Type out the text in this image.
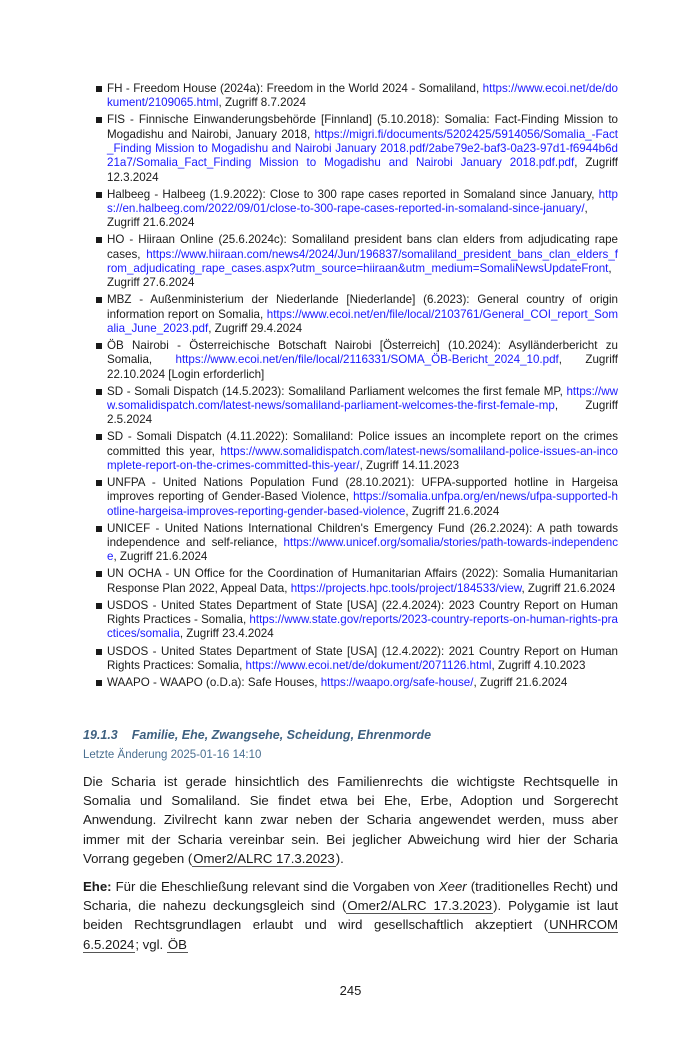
FH - Freedom House (2024a): Freedom in the World 2024 - Somaliland, https://www.ecoi.net/de/dokument/2109065.html, Zugriff 8.7.2024
FIS - Finnische Einwanderungsbehörde [Finnland] (5.10.2018): Somalia: Fact-Finding Mission to Mogadishu and Nairobi, January 2018, https://migri.fi/documents/5202425/5914056/Somalia_-Fact_Finding Mission to Mogadishu and Nairobi January 2018.pdf/2abe79e2-baf3-0a23-97d1-f6944b6d21a7/Somalia_Fact_Finding Mission to Mogadishu and Nairobi January 2018.pdf.pdf, Zugriff 12.3.2024
Halbeeg - Halbeeg (1.9.2022): Close to 300 rape cases reported in Somaland since January, https://en.halbeeg.com/2022/09/01/close-to-300-rape-cases-reported-in-somaland-since-january/, Zugriff 21.6.2024
HO - Hiiraan Online (25.6.2024c): Somaliland president bans clan elders from adjudicating rape cases, https://www.hiiraan.com/news4/2024/Jun/196837/somaliland_president_bans_clan_elders_from_adjudicating_rape_cases.aspx?utm_source=hiiraan&utm_medium=SomaliNewsUpdateFront, Zugriff 27.6.2024
MBZ - Außenministerium der Niederlande [Niederlande] (6.2023): General country of origin information report on Somalia, https://www.ecoi.net/en/file/local/2103761/General_COI_report_Somalia_June_2023.pdf, Zugriff 29.4.2024
ÖB Nairobi - Österreichische Botschaft Nairobi [Österreich] (10.2024): Asylländerbericht zu Somalia, https://www.ecoi.net/en/file/local/2116331/SOMA_ÖB-Bericht_2024_10.pdf, Zugriff 22.10.2024 [Login erforderlich]
SD - Somali Dispatch (14.5.2023): Somaliland Parliament welcomes the first female MP, https://www.somalidispatch.com/latest-news/somaliland-parliament-welcomes-the-first-female-mp, Zugriff 2.5.2024
SD - Somali Dispatch (4.11.2022): Somaliland: Police issues an incomplete report on the crimes committed this year, https://www.somalidispatch.com/latest-news/somaliland-police-issues-an-incomplete-report-on-the-crimes-committed-this-year/, Zugriff 14.11.2023
UNFPA - United Nations Population Fund (28.10.2021): UFPA-supported hotline in Hargeisa improves reporting of Gender-Based Violence, https://somalia.unfpa.org/en/news/ufpa-supported-hotline-hargeisa-improves-reporting-gender-based-violence, Zugriff 21.6.2024
UNICEF - United Nations International Children's Emergency Fund (26.2.2024): A path towards independence and self-reliance, https://www.unicef.org/somalia/stories/path-towards-independence, Zugriff 21.6.2024
UN OCHA - UN Office for the Coordination of Humanitarian Affairs (2022): Somalia Humanitarian Response Plan 2022, Appeal Data, https://projects.hpc.tools/project/184533/view, Zugriff 21.6.2024
USDOS - United States Department of State [USA] (22.4.2024): 2023 Country Report on Human Rights Practices - Somalia, https://www.state.gov/reports/2023-country-reports-on-human-rights-practices/somalia, Zugriff 23.4.2024
USDOS - United States Department of State [USA] (12.4.2022): 2021 Country Report on Human Rights Practices: Somalia, https://www.ecoi.net/de/dokument/2071126.html, Zugriff 4.10.2023
WAAPO - WAAPO (o.D.a): Safe Houses, https://waapo.org/safe-house/, Zugriff 21.6.2024
19.1.3 Familie, Ehe, Zwangsehe, Scheidung, Ehrenmorde
Letzte Änderung 2025-01-16 14:10

Die Scharia ist gerade hinsichtlich des Familienrechts die wichtigste Rechtsquelle in Somalia und Somaliland. Sie findet etwa bei Ehe, Erbe, Adoption und Sorgerecht Anwendung. Zivilrecht kann zwar neben der Scharia angewendet werden, muss aber immer mit der Scharia vereinbar sein. Bei jeglicher Abweichung wird hier der Scharia Vorrang gegeben (Omer2/ALRC 17.3.2023).

Ehe: Für die Eheschließung relevant sind die Vorgaben von Xeer (traditionelles Recht) und Scharia, die nahezu deckungsgleich sind (Omer2/ALRC 17.3.2023). Polygamie ist laut beiden Rechtsgrundlagen erlaubt und wird gesellschaftlich akzeptiert (UNHRCOM 6.5.2024; vgl. ÖB

245
